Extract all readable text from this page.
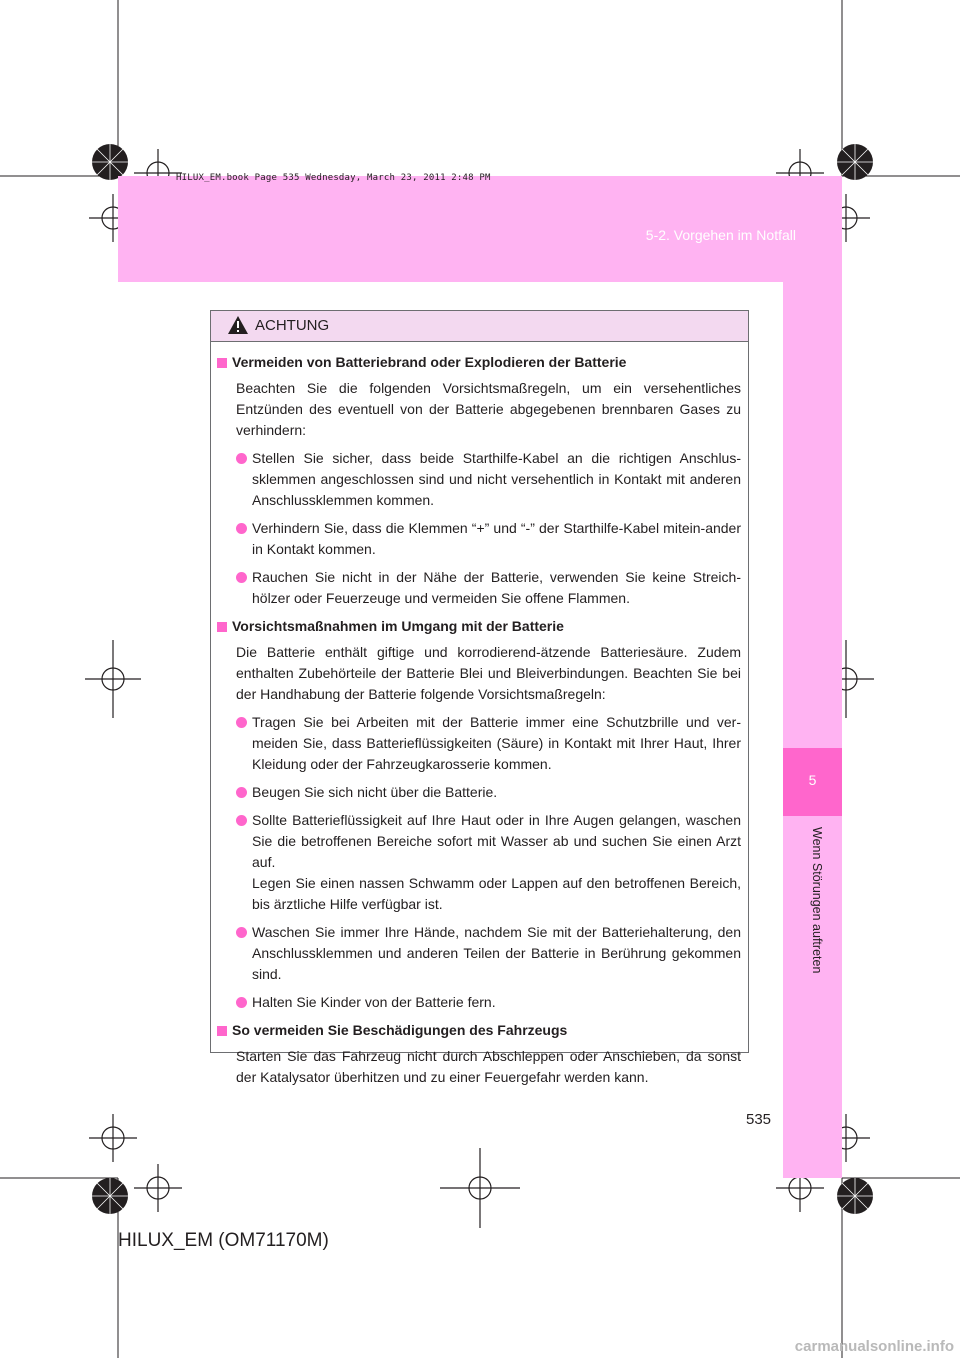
HILUX_EM.book Page 535 Wednesday, March 23, 2011 2:48 PM
5-2. Vorgehen im Notfall
5
Wenn Störungen auftreten
ACHTUNG
Vermeiden von Batteriebrand oder Explodieren der Batterie
Beachten Sie die folgenden Vorsichtsmaßregeln, um ein versehentliches Entzünden des eventuell von der Batterie abgegebenen brennbaren Gases zu verhindern:
Stellen Sie sicher, dass beide Starthilfe-Kabel an die richtigen Anschlus-sklemmen angeschlossen sind und nicht versehentlich in Kontakt mit anderen Anschlussklemmen kommen.
Verhindern Sie, dass die Klemmen “+” und “-” der Starthilfe-Kabel mitein-ander in Kontakt kommen.
Rauchen Sie nicht in der Nähe der Batterie, verwenden Sie keine Streich-hölzer oder Feuerzeuge und vermeiden Sie offene Flammen.
Vorsichtsmaßnahmen im Umgang mit der Batterie
Die Batterie enthält giftige und korrodierend-ätzende Batteriesäure. Zudem enthalten Zubehörteile der Batterie Blei und Bleiverbindungen. Beachten Sie bei der Handhabung der Batterie folgende Vorsichtsmaßregeln:
Tragen Sie bei Arbeiten mit der Batterie immer eine Schutzbrille und ver-meiden Sie, dass Batterieflüssigkeiten (Säure) in Kontakt mit Ihrer Haut, Ihrer Kleidung oder der Fahrzeugkarosserie kommen.
Beugen Sie sich nicht über die Batterie.
Sollte Batterieflüssigkeit auf Ihre Haut oder in Ihre Augen gelangen, waschen Sie die betroffenen Bereiche sofort mit Wasser ab und suchen Sie einen Arzt auf.
Legen Sie einen nassen Schwamm oder Lappen auf den betroffenen Bereich, bis ärztliche Hilfe verfügbar ist.
Waschen Sie immer Ihre Hände, nachdem Sie mit der Batteriehalterung, den Anschlussklemmen und anderen Teilen der Batterie in Berührung gekommen sind.
Halten Sie Kinder von der Batterie fern.
So vermeiden Sie Beschädigungen des Fahrzeugs
Starten Sie das Fahrzeug nicht durch Abschleppen oder Anschieben, da sonst der Katalysator überhitzen und zu einer Feuergefahr werden kann.
535
HILUX_EM (OM71170M)
carmanualsonline.info
